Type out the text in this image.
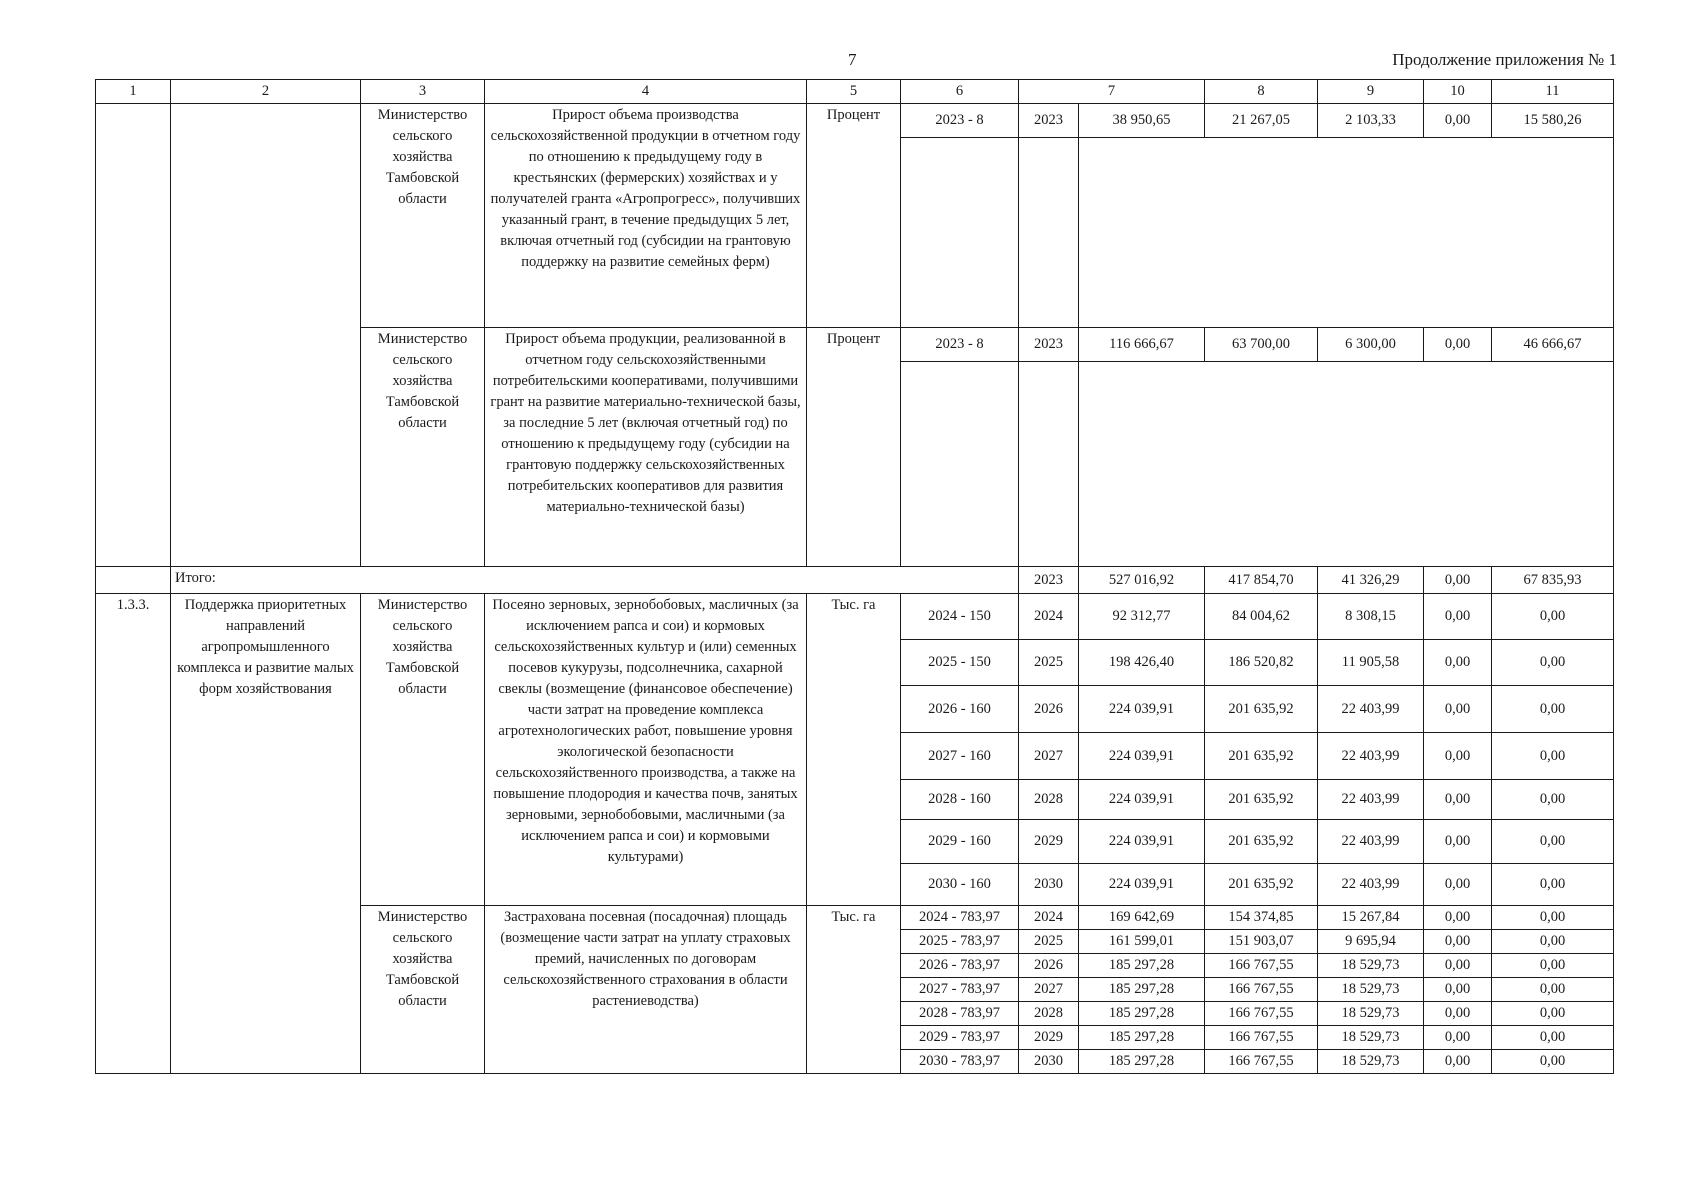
7	Продолжение приложения № 1
1	2	3	4	5	6	7		8	9	10	11
		Министерство сельского хозяйства Тамбовской области	Прирост объема производства сельскохозяйственной продукции в отчетном году по отношению к предыдущему году в крестьянских (фермерских) хозяйствах и у получателей гранта «Агропрогресс», получивших указанный грант, в течение предыдущих 5 лет, включая отчетный год (субсидии на грантовую поддержку на развитие семейных ферм)	Процент	2023 - 8	2023	38 950,65	21 267,05	2 103,33	0,00	15 580,26

		Министерство сельского хозяйства Тамбовской области	Прирост объема продукции, реализованной в отчетном году сельскохозяйственными потребительскими кооперативами, получившими грант на развитие материально-технической базы, за последние 5 лет (включая отчетный год) по отношению к предыдущему году (субсидии на грантовую поддержку сельскохозяйственных потребительских кооперативов для развития материально-технической базы)	Процент	2023 - 8	2023	116 666,67	63 700,00	6 300,00	0,00	46 666,67

	Итого:					2023	527 016,92	417 854,70	41 326,29	0,00	67 835,93
1.3.3.	Поддержка приоритетных направлений агропромышленного комплекса и развитие малых форм хозяйствования	Министерство сельского хозяйства Тамбовской области	Посеяно зерновых, зернобобовых, масличных (за исключением рапса и сои) и кормовых сельскохозяйственных культур и (или) семенных посевов кукурузы, подсолнечника, сахарной свеклы (возмещение (финансовое обеспечение) части затрат на проведение комплекса агротехнологических работ, повышение уровня экологической безопасности сельскохозяйственного производства, а также на повышение плодородия и качества почв, занятых зерновыми, зернобобовыми, масличными (за исключением рапса и сои) и кормовыми культурами)	Тыс. га	2024 - 150	2024	92 312,77	84 004,62	8 308,15	0,00	0,00
					2025 - 150	2025	198 426,40	186 520,82	11 905,58	0,00	0,00
					2026 - 160	2026	224 039,91	201 635,92	22 403,99	0,00	0,00
					2027 - 160	2027	224 039,91	201 635,92	22 403,99	0,00	0,00
					2028 - 160	2028	224 039,91	201 635,92	22 403,99	0,00	0,00
					2029 - 160	2029	224 039,91	201 635,92	22 403,99	0,00	0,00
					2030 - 160	2030	224 039,91	201 635,92	22 403,99	0,00	0,00
		Министерство сельского хозяйства Тамбовской области	Застрахована посевная (посадочная) площадь (возмещение части затрат на уплату страховых премий, начисленных по договорам сельскохозяйственного страхования в области растениеводства)	Тыс. га	2024 - 783,97	2024	169 642,69	154 374,85	15 267,84	0,00	0,00
					2025 - 783,97	2025	161 599,01	151 903,07	9 695,94	0,00	0,00
					2026 - 783,97	2026	185 297,28	166 767,55	18 529,73	0,00	0,00
					2027 - 783,97	2027	185 297,28	166 767,55	18 529,73	0,00	0,00
					2028 - 783,97	2028	185 297,28	166 767,55	18 529,73	0,00	0,00
					2029 - 783,97	2029	185 297,28	166 767,55	18 529,73	0,00	0,00
					2030 - 783,97	2030	185 297,28	166 767,55	18 529,73	0,00	0,00
